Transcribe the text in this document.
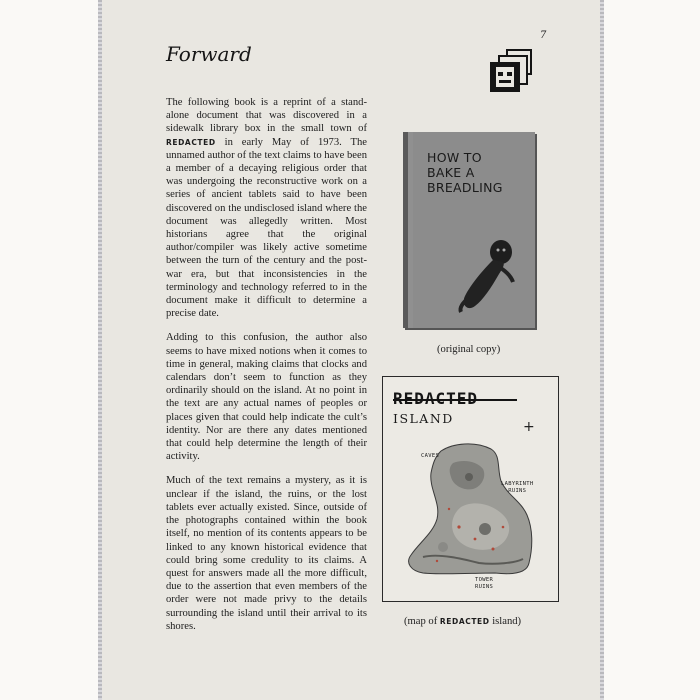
Forward
7

The following book is a reprint of a stand-alone document that was discovered in a sidewalk library box in the small town of REDACTED in early May of 1973. The unnamed author of the text claims to have been a member of a decaying religious order that was undergoing the reconstructive work on a series of ancient tablets said to have been discovered on the undisclosed island where the document was allegedly written. Most historians agree that the original author/compiler was likely active sometime between the turn of the century and the post-war era, but that inconsistencies in the terminology and technology referred to in the document make it difficult to determine a precise date.

Adding to this confusion, the author also seems to have mixed notions when it comes to time in general, making claims that clocks and calendars don’t seem to function as they ordinarily should on the island. At no point in the text are any actual names of peoples or places given that could help indicate the cult’s identity. Nor are there any dates mentioned that could help determine the length of their activity.

Much of the text remains a mystery, as it is unclear if the island, the ruins, or the lost tablets ever actually existed. Since, outside of the photographs contained within the book itself, no mention of its contents appears to be linked to any known historical evidence that could bring some credulity to its claims. A quest for answers made all the more difficult, due to the assertion that even members of the order were not made privy to the details surrounding the island until their arrival to its shores.

HOW TO
BAKE A
BREADLING
(original copy)
ISLAND
+
CAVES
LABYRINTH
RUINS
TOWER
RUINS
(map of REDACTED island)
